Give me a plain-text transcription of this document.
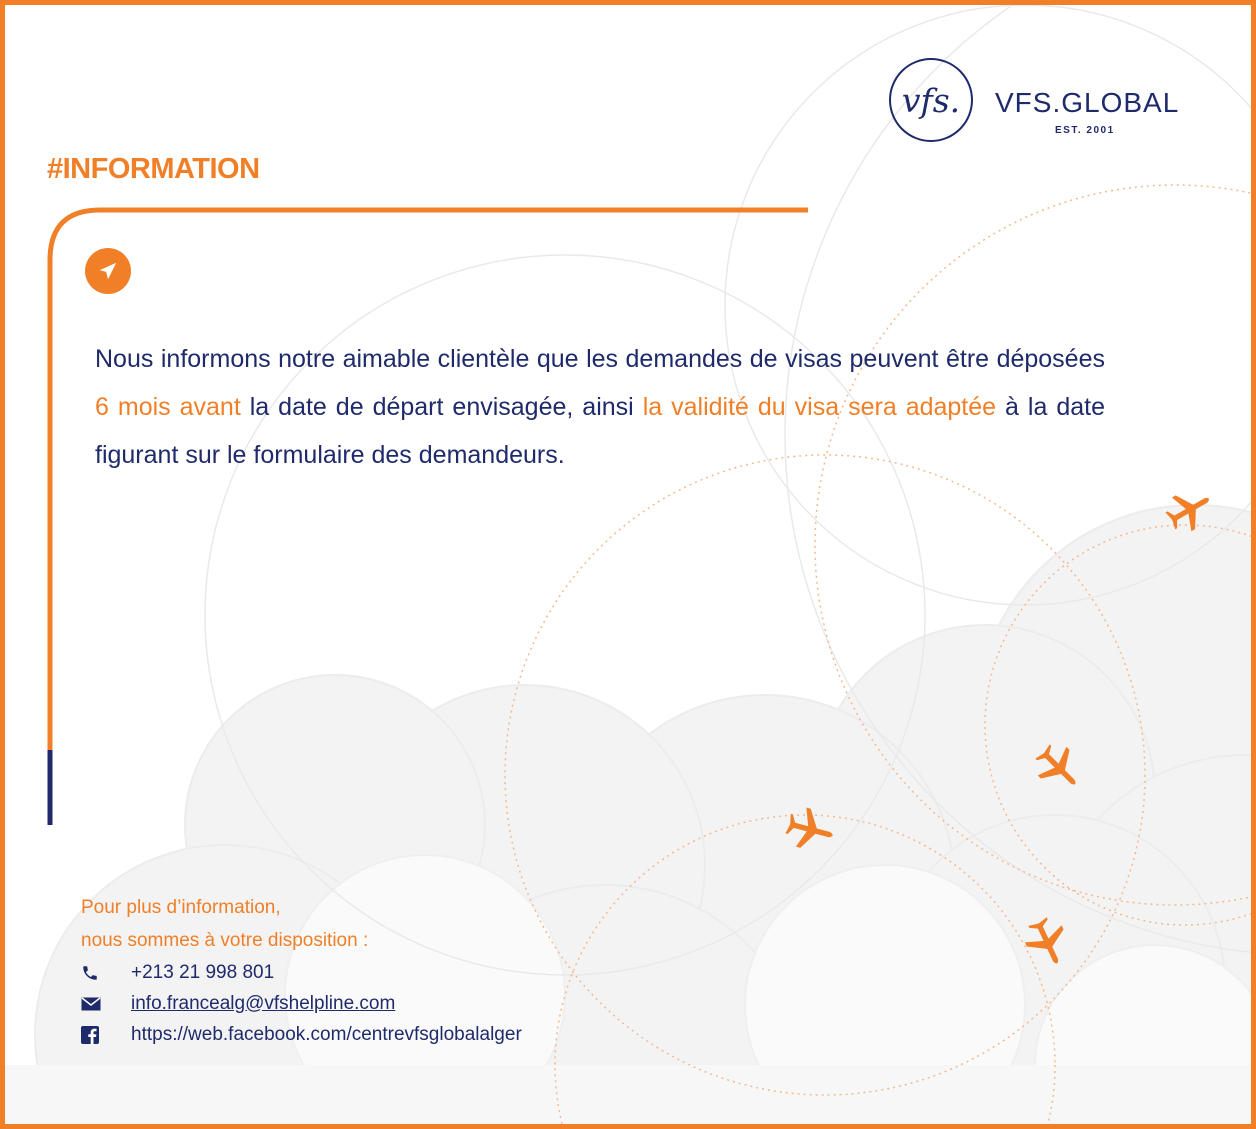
vfs.	VFS.GLOBAL
EST. 2001
#INFORMATION

Nous informons notre aimable clientèle que les demandes de visas peuvent être déposées 6 mois avant la date de départ envisagée, ainsi la validité du visa sera adaptée à la date figurant sur le formulaire des demandeurs.

Pour plus d’information,
nous sommes à votre disposition :

+213 21 998 801
info.francealg@vfshelpline.com
https://web.facebook.com/centrevfsglobalalger
